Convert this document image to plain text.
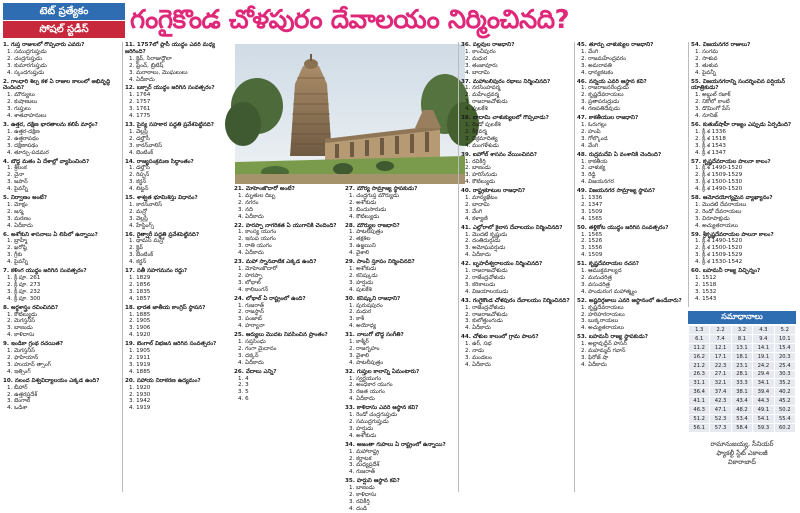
టెట్ ప్రత్యేకం
సోషల్ స్టడీస్	గంగైకొండ చోళపురం దేవాలయం నిర్మించినది?
1. గుప్త రాజులలో గొప్పవారు ఎవరు?
1. సముద్రగుప్తుడు
2. చంద్రగుప్తుడు
3. కుమారగుప్తుడు
4. స్కందగుప్తుడు
2. గాంధారి శిల్ప కళ ఏ రాజుల కాలంలో అభివృద్ధి చెందింది?
1. మౌర్యులు
2. కుషాణులు
3. గుప్తులు
4. శాతవాహనులు
3. ఉత్తర, దక్షిణ భారతాలను కలిపే మార్గం?
1. ఉత్తర-దక్షిణ
2. ఉత్తరాపథం
3. దక్షిణాపథం
4. తూర్పు-పడమర
4. బౌద్ధ మతం ఏ దేశాల్లో వ్యాపించింది?
1. శ్రీలంక
2. చైనా
3. జపాన్
4. పైవన్నీ
5. నిర్వాణం అంటే?
1. మోక్షం
2. జన్మ
3. మరణం
4. ఏదీకాదు
6. అశోకుని శాసనాలు ఏ లిపిలో ఉన్నాయి?
1. బ్రాహ్మీ
2. ఖరోష్ఠి
3. గ్రీకు
4. పైవన్నీ
7. కళింగ యుద్ధం జరిగిన సంవత్సరం?
1. క్రీ.పూ. 261
2. క్రీ.పూ. 273
3. క్రీ.పూ. 232
4. క్రీ.పూ. 300
8. అర్థశాస్త్రం రచించినది?
1. కౌటిల్యుడు
2. మెగస్తనీస్
3. బాణుడు
4. కాళిదాసు
9. ఇండికా గ్రంథ రచయిత?
1. మెగస్తనీస్
2. ఫాహియాన్
3. హుయాన్ త్సాంగ్
4. ఇత్సింగ్
10. నలంద విశ్వవిద్యాలయం ఎక్కడ ఉంది?
1. బీహార్
2. ఉత్తరప్రదేశ్
3. బెంగాల్
4. ఒడిశా
11. 1757లో ప్లాసీ యుద్ధం ఎవరి మధ్య జరిగింది?
1. క్లైవ్, సిరాజుద్దౌలా
2. ఫ్రెంచ్, బ్రిటిష్
3. మరాఠాలు, మొఘలులు
4. ఏదీకాదు
12. బక్సార్ యుద్ధం జరిగిన సంవత్సరం?
1. 1764
2. 1757
3. 1761
4. 1775
13. సైన్య సహకార పద్ధతి ప్రవేశపెట్టినది?
1. వెల్లస్లీ
2. డల్హౌసీ
3. కారన్‌వాలిస్
4. బెంటింక్
14. రాజ్యసంక్రమణ సిద్ధాంతం?
1. డల్హౌసీ
2. రిప్పన్
3. కర్జన్
4. లిట్టన్
15. శాశ్వత భూమిశిస్తు విధానం?
1. కారన్‌వాలిస్
2. మన్రో
3. వెల్లస్లీ
4. హేస్టింగ్స్
16. రైత్వారీ పద్ధతి ప్రవేశపెట్టినది?
1. థామస్ మన్రో
2. క్లైవ్
3. బెంటింక్
4. కర్జన్
17. సతీ సహగమనం రద్దు?
1. 1829
2. 1856
3. 1835
4. 1857
18. భారత జాతీయ కాంగ్రెస్ స్థాపన?
1. 1885
2. 1905
3. 1906
4. 1920
19. బెంగాల్ విభజన జరిగిన సంవత్సరం?
1. 1905
2. 1911
3. 1919
4. 1885
20. సహాయ నిరాకరణ ఉద్యమం?
1. 1920
2. 1930
3. 1942
4. 1919
21. మోహెంజొదారో అంటే?
1. మృతుల దిబ్బ
2. నగరం
3. నది
4. ఏదీకాదు
22. హరప్పా నాగరికత ఏ యుగానికి చెందింది?
1. కాంస్య యుగం
2. ఇనుప యుగం
3. రాతి యుగం
4. ఏదీకాదు
23. మహా స్నానవాటిక ఎక్కడ ఉంది?
1. మోహెంజొదారో
2. హరప్పా
3. లోథాల్
4. కాలిబంగన్
24. లోథాల్ ఏ రాష్ట్రంలో ఉంది?
1. గుజరాత్
2. రాజస్థాన్
3. పంజాబ్
4. హర్యానా
25. ఆర్యులు మొదట నివసించిన ప్రాంతం?
1. సప్తసింధు
2. గంగా మైదానం
3. దక్కన్
4. ఏదీకాదు
26. వేదాలు ఎన్ని?
1. 4
2. 3
3. 5
4. 6
27. మౌర్య సామ్రాజ్య స్థాపకుడు?
1. చంద్రగుప్త మౌర్యుడు
2. అశోకుడు
3. బిందుసారుడు
4. కౌటిల్యుడు
28. మౌర్యుల రాజధాని?
1. పాటలీపుత్రం
2. తక్షశిల
3. ఉజ్జయిని
4. వైశాలి
29. సాంచీ స్తూపం నిర్మించినది?
1. అశోకుడు
2. కనిష్కుడు
3. హర్షుడు
4. పులకేశి
30. కనిష్కుని రాజధాని?
1. పురుషపురం
2. మధుర
3. కాశీ
4. అయోధ్య
31. నాలుగో బౌద్ధ సంగీతి?
1. కాశ్మీర్
2. రాజగృహం
3. వైశాలి
4. పాటలీపుత్రం
32. గుప్తుల కాలాన్ని ఏమంటారు?
1. స్వర్ణయుగం
2. అంధకార యుగం
3. రజత యుగం
4. ఏదీకాదు
33. కాళిదాసు ఎవరి ఆస్థాన కవి?
1. రెండో చంద్రగుప్తుడు
2. సముద్రగుప్తుడు
3. హర్షుడు
4. అశోకుడు
34. అజంతా గుహలు ఏ రాష్ట్రంలో ఉన్నాయి?
1. మహారాష్ట్ర
2. కర్ణాటక
3. మధ్యప్రదేశ్
4. గుజరాత్
35. హర్షుని ఆస్థాన కవి?
1. బాణుడు
2. కాళిదాసు
3. రవికీర్తి
4. దండి
36. పల్లవుల రాజధాని?
1. కాంచీపురం
2. మధుర
3. తంజావూరు
4. బాదామి
37. మహాబలిపురం రథాలు నిర్మించినది?
1. నరసింహవర్మ
2. మహేంద్రవర్మ
3. రాజరాజచోళుడు
4. పులకేశి
38. బాదామి చాళుక్యులలో గొప్పవాడు?
1. రెండో పులకేశి
2. కీర్తివర్మ
3. విక్రమాదిత్య
4. మంగళేశుడు
39. ఐహోల్ శాసనం వేయించినది?
1. రవికీర్తి
2. బాణుడు
3. హరిసేనుడు
4. కౌటిల్యుడు
40. రాష్ట్రకూటుల రాజధాని?
1. మాన్యఖేటం
2. బాదామి
3. వేంగి
4. కళ్యాణి
41. ఎల్లోరాలో కైలాస దేవాలయం నిర్మించినది?
1. మొదటి కృష్ణుడు
2. దంతిదుర్గుడు
3. అమోఘవర్షుడు
4. ఏదీకాదు
42. బృహదీశ్వరాలయం నిర్మించినది?
1. రాజరాజచోళుడు
2. రాజేంద్రచోళుడు
3. కరికాలుడు
4. విజయాలయుడు
43. గంగైకొండ చోళపురం దేవాలయం నిర్మించినది?
1. రాజేంద్రచోళుడు
2. రాజరాజచోళుడు
3. కులోత్తుంగుడు
4. ఏదీకాదు
44. చోళుల కాలంలో గ్రామ పాలన?
1. ఉర్, సభ
2. నాడు
3. మండలం
4. ఏదీకాదు
45. తూర్పు చాళుక్యుల రాజధాని?
1. వేంగి
2. రాజమహేంద్రవరం
3. అమరావతి
4. ధాన్యకటకం
46. నన్నయ ఎవరి ఆస్థాన కవి?
1. రాజరాజనరేంద్రుడు
2. కృష్ణదేవరాయలు
3. ప్రతాపరుద్రుడు
4. గణపతిదేవుడు
47. కాకతీయుల రాజధాని?
1. ఓరుగల్లు
2. హంపి
3. గోల్కొండ
4. వేంగి
48. రుద్రమదేవి ఏ వంశానికి చెందింది?
1. కాకతీయ
2. చాళుక్య
3. రెడ్డి
4. విజయనగర
49. విజయనగర సామ్రాజ్య స్థాపన?
1. 1336
2. 1347
3. 1509
4. 1565
50. తళ్లికోట యుద్ధం జరిగిన సంవత్సరం?
1. 1565
2. 1526
3. 1556
4. 1509
51. కృష్ణదేవరాయల రచన?
1. ఆముక్తమాల్యద
2. మనుచరిత్ర
3. వసుచరిత్ర
4. పాండురంగ మహాత్మ్యం
52. అష్టదిగ్గజాలు ఎవరి ఆస్థానంలో ఉండేవారు?
1. కృష్ణదేవరాయలు
2. హరిహరరాయలు
3. బుక్కరాయలు
4. అచ్యుతరాయలు
53. బహమనీ రాజ్య స్థాపకుడు?
1. అల్లావుద్దీన్ హసన్
2. మహమ్మద్ గవాన్
3. ఫిరోజ్ షా
4. ఏదీకాదు
54. విజయనగర రాజులు?
1. సంగమ
2. సాళువ
3. తుళువ
4. పైవన్నీ
55. విజయనగరాన్ని సందర్శించిన పర్షియన్ యాత్రికుడు?
1. అబ్దుల్ రజాక్
2. నికోలో కాంటి
3. డొమింగో పేస్
4. నూనిజ్
56. కుతుబ్‌షాహీ రాజ్యం ఎప్పుడు ఏర్పడింది?
1. క్రీ.శ 1336
2. క్రీ.శ 1518
3. క్రీ.శ 1543
4. క్రీ.శ 1347
57. కృష్ణదేవరాయల పాలనా కాలం?
1. క్రీ.శ 1490-1520
2. క్రీ.శ 1509-1529
3. క్రీ.శ 1500-1530
4. క్రీ.శ 1490-1520
58. ఆమోదయోగ్యమైన వ్యాఖ్యానం?
1. మొదటి దేవరాయలు
2. రెండో దేవరాయలు
3. విరూపాక్షుడు
4. అచ్యుతరాయలు
59. శ్రీకృష్ణదేవరాయల పాలనా కాలం?
1. క్రీ.శ 1490-1520
2. క్రీ.శ 1500-1520
3. క్రీ.శ 1509-1529
4. క్రీ.శ 1530-1542
60. బహమనీ రాజ్య విచ్ఛిన్నం?
1. 1512
2. 1518
3. 1532
4. 1543
సమాధానాలు
1.3	2.2	3.2	4.3	5.2
6.1	7.4	8.1	9.4	10.1
11.2	12.1	13.1	14.1	15.4
16.2	17.1	18.1	19.1	20.3
21.2	22.3	23.1	24.2	25.4
26.3	27.1	28.1	29.4	30.3
31.1	32.1	33.3	34.1	35.2
36.4	37.4	38.1	39.4	40.2
41.1	42.3	43.4	44.3	45.2
46.3	47.1	48.2	49.1	50.2
51.2	52.3	53.4	54.1	55.4
56.1	57.3	58.4	59.3	60.2
రామానుజయ్య, సీనియర్
ఫ్యాకల్టీ స్టేట్ ఎకాలజీ
వికారాబాద్
